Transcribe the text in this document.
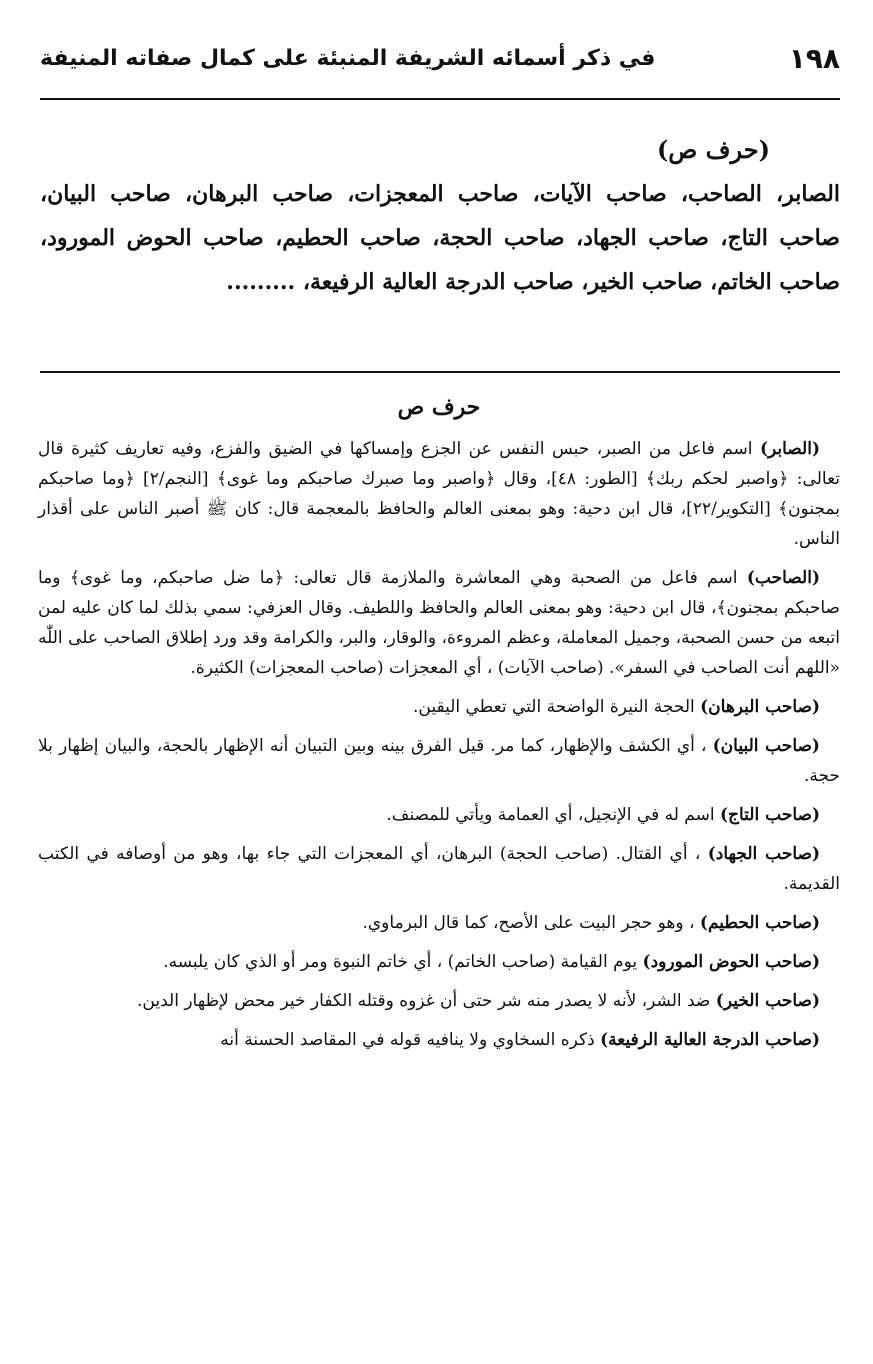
١٩٨
في ذكر أسمائه الشريفة المنبئة على كمال صفاته المنيفة
(حرف ص)
الصابر، الصاحب، صاحب الآيات، صاحب المعجزات، صاحب البرهان، صاحب البيان، صاحب التاج، صاحب الجهاد، صاحب الحجة، صاحب الحطيم، صاحب الحوض المورود، صاحب الخاتم، صاحب الخير، صاحب الدرجة العالية الرفيعة، .........
حرف ص

(الصابر) اسم فاعل من الصبر، حبس النفس عن الجزع وإمساكها في الضيق والفزع، وفيه تعاريف كثيرة قال تعالى: ﴿واصبر لحكم ربك﴾ [الطور: ٤٨]، وقال ﴿واصبر وما صبرك صاحبكم وما غوى﴾ [النجم/٢] ﴿وما صاحبكم بمجنون﴾ [التكوير/٢٢]، قال ابن دحية: وهو بمعنى العالم والحافظ بالمعجمة قال: كان ﷺ أصبر الناس على أقذار الناس.

(الصاحب) اسم فاعل من الصحبة وهي المعاشرة والملازمة قال تعالى: ﴿ما ضل صاحبكم، وما غوى﴾ وما صاحبكم بمجنون﴾، قال ابن دحية: وهو بمعنى العالم والحافظ واللطيف. وقال العزفي: سمي بذلك لما كان عليه لمن اتبعه من حسن الصحبة، وجميل المعاملة، وعظم المروءة، والوقار، والبر، والكرامة وقد ورد إطلاق الصاحب على اللّٰه «اللهم أنت الصاحب في السفر». (صاحب الآيات) ، أي المعجزات (صاحب المعجزات) الكثيرة.

(صاحب البرهان) الحجة النيرة الواضحة التي تعطي اليقين.

(صاحب البيان) ، أي الكشف والإظهار، كما مر. قيل الفرق بينه وبين التبيان أنه الإظهار بالحجة، والبيان إظهار بلا حجة.

(صاحب التاج) اسم له في الإنجيل، أي العمامة ويأتي للمصنف.

(صاحب الجهاد) ، أي القتال. (صاحب الحجة) البرهان، أي المعجزات التي جاء بها، وهو من أوصافه في الكتب القديمة.

(صاحب الحطيم) ، وهو حجر البيت على الأصح، كما قال البرماوي.

(صاحب الحوض المورود) يوم القيامة (صاحب الخاتم) ، أي خاتم النبوة ومر أو الذي كان يلبسه.

(صاحب الخير) ضد الشر، لأنه لا يصدر منه شر حتى أن غزوه وقتله الكفار خير محض لإظهار الدين.

(صاحب الدرجة العالية الرفيعة) ذكره السخاوي ولا ينافيه قوله في المقاصد الحسنة أنه
